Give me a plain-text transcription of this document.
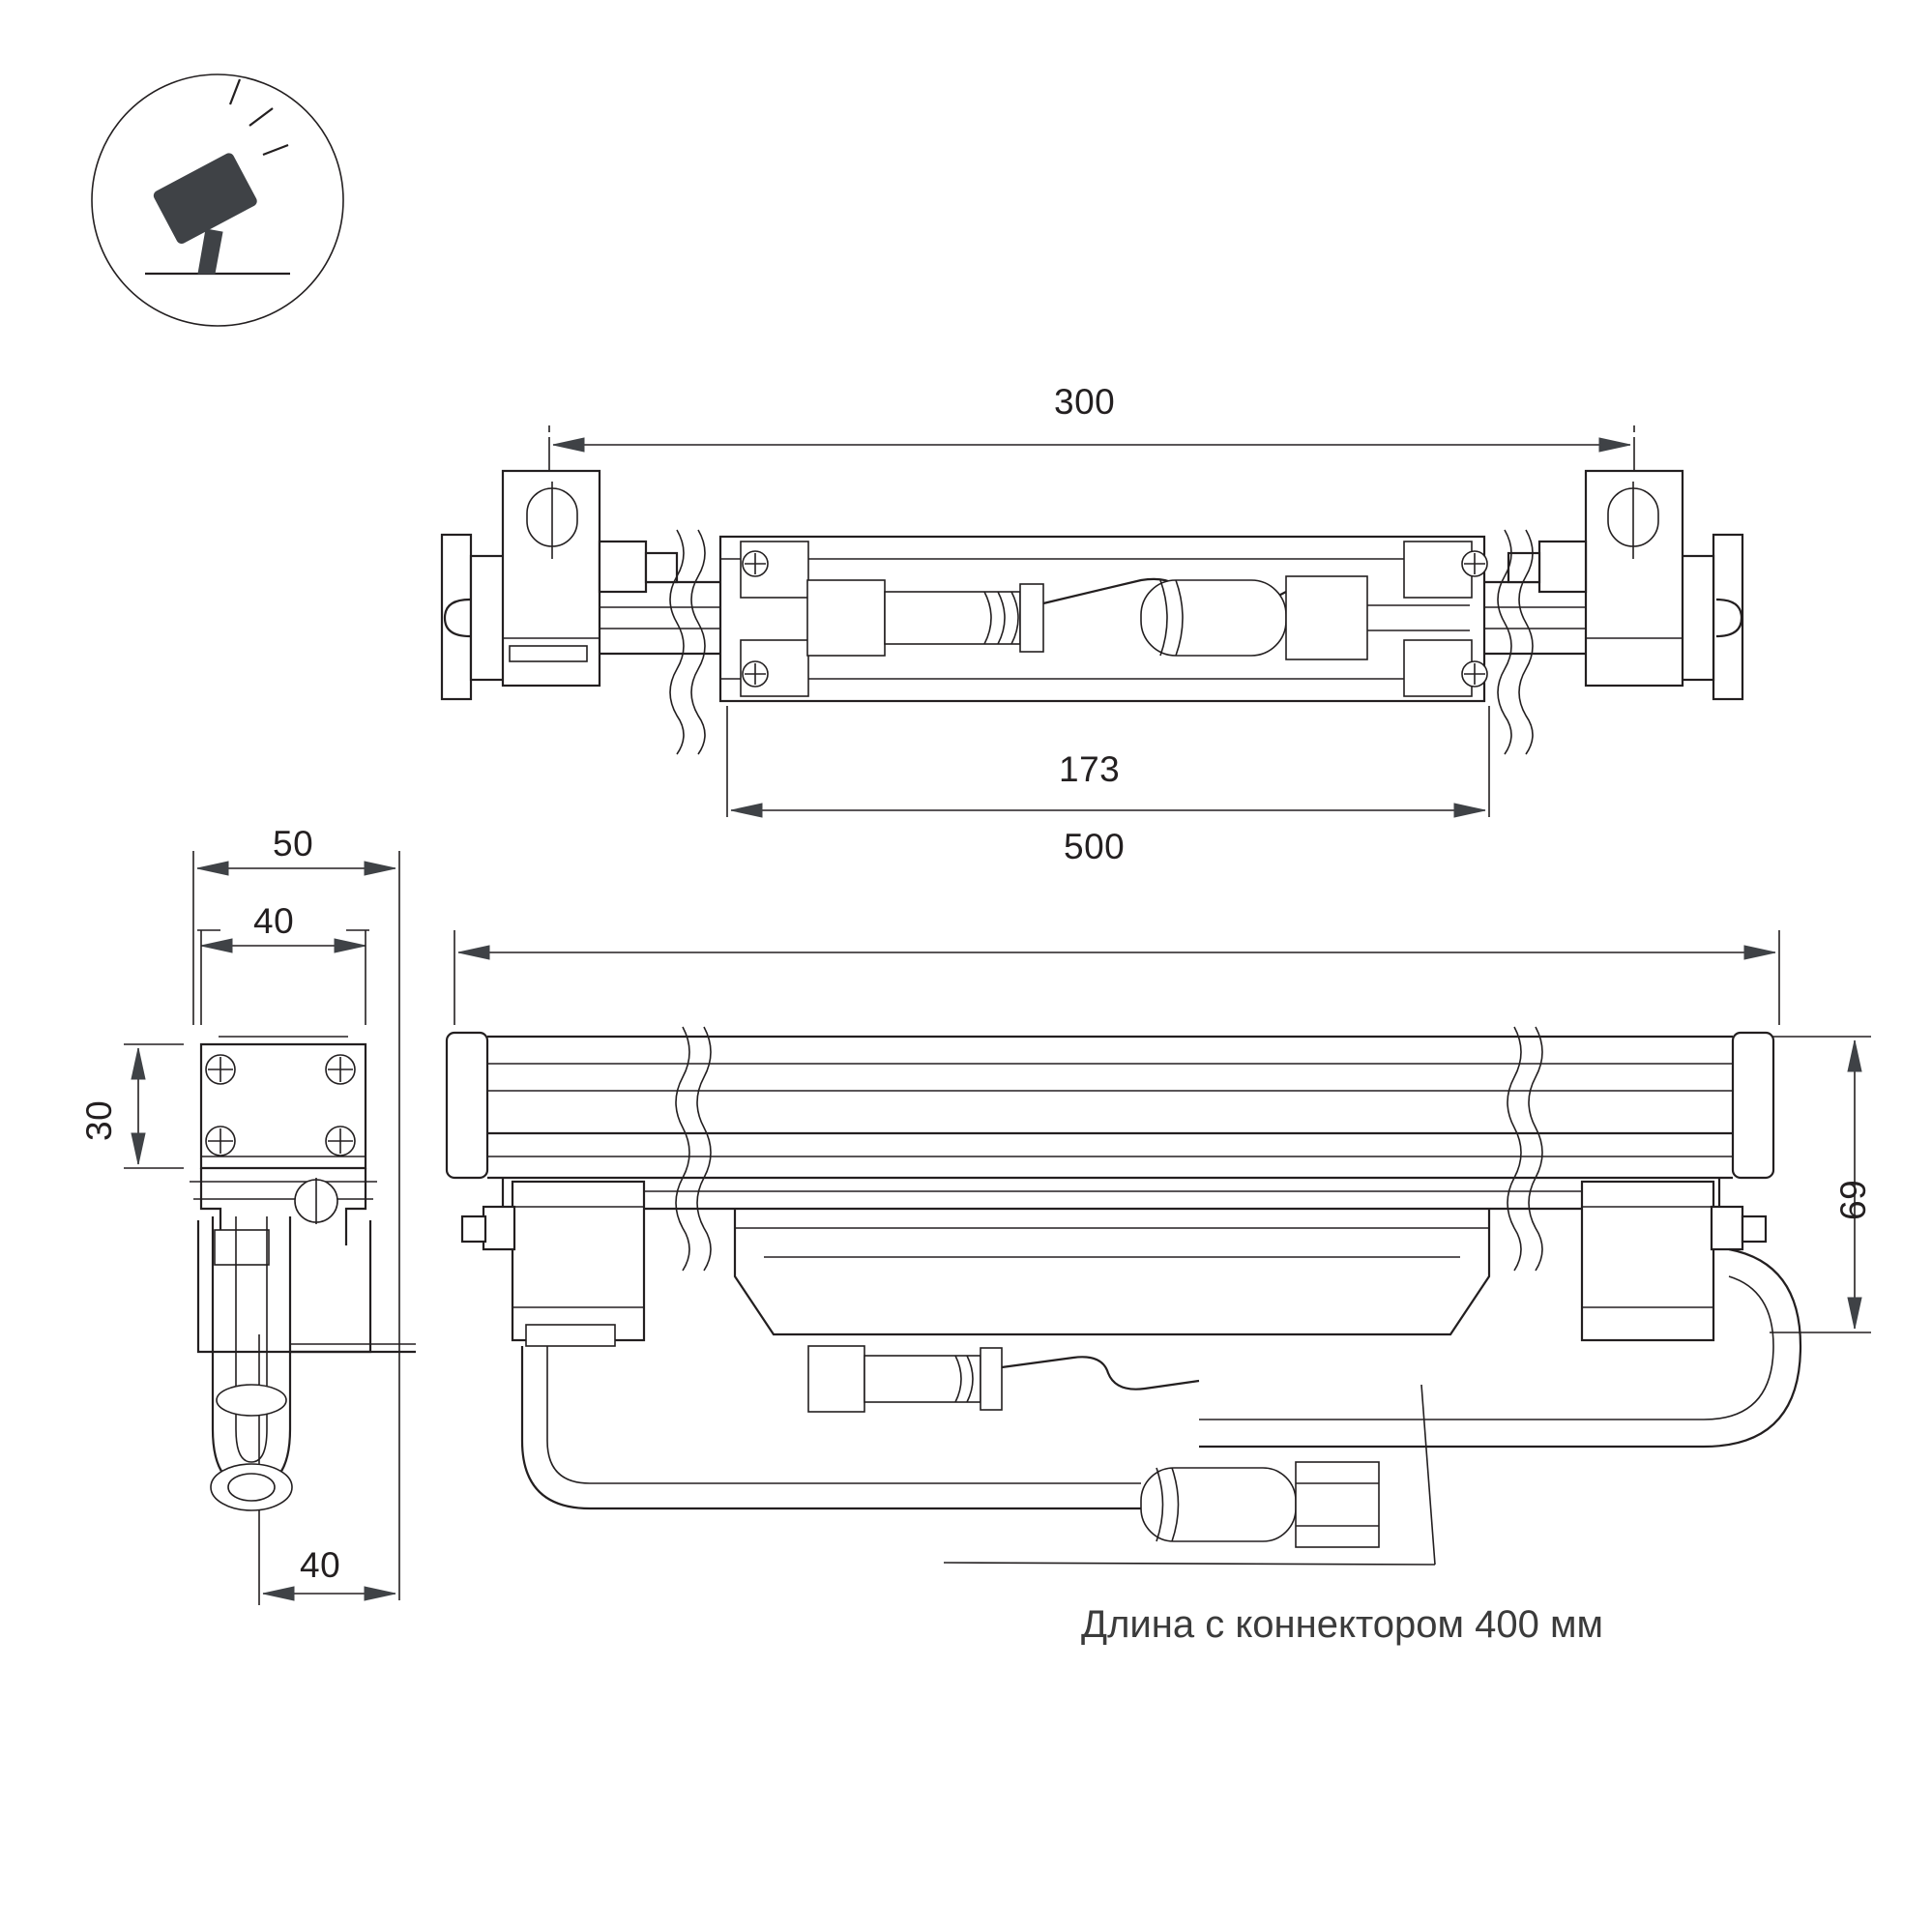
300
173
50
40
30
40
500
69
Длина с коннектором 400 мм
